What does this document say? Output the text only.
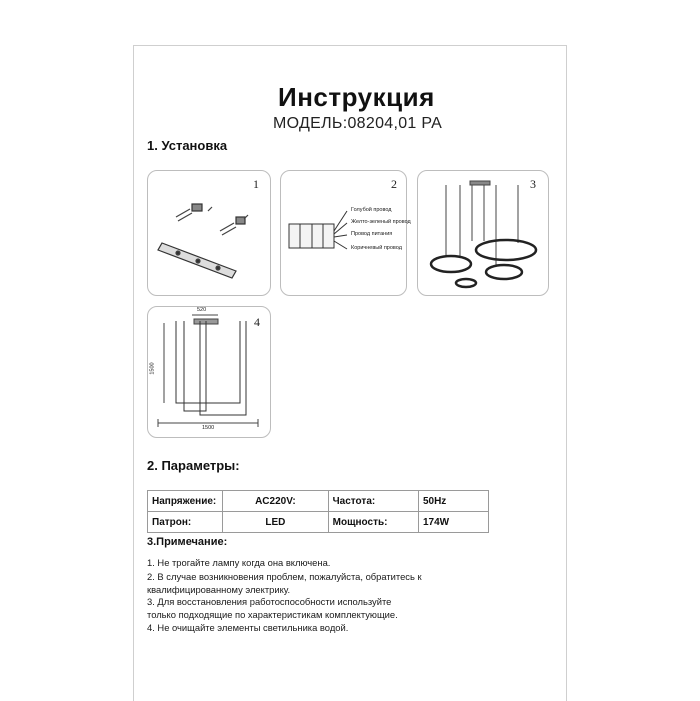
Инструкция
МОДЕЛЬ:08204,01 PA
1. Установка
1	2
Голубой провод
Желто-зеленый провод
Провод питания
Коричневый провод
3
4
520
1500
1500
2. Параметры:
Напряжение:	AC220V:	Частота:	50Hz
Патрон:	LED	Мощность:	174W
3.Примечание:
1. Не трогайте лампу когда она включена.
2. В случае возникновения проблем, пожалуйста, обратитесь к
квалифицированному электрику.
3. Для восстановления работоспособности используйте
только подходящие по характеристикам комплектующие.
4. Не очищайте элементы светильника водой.
